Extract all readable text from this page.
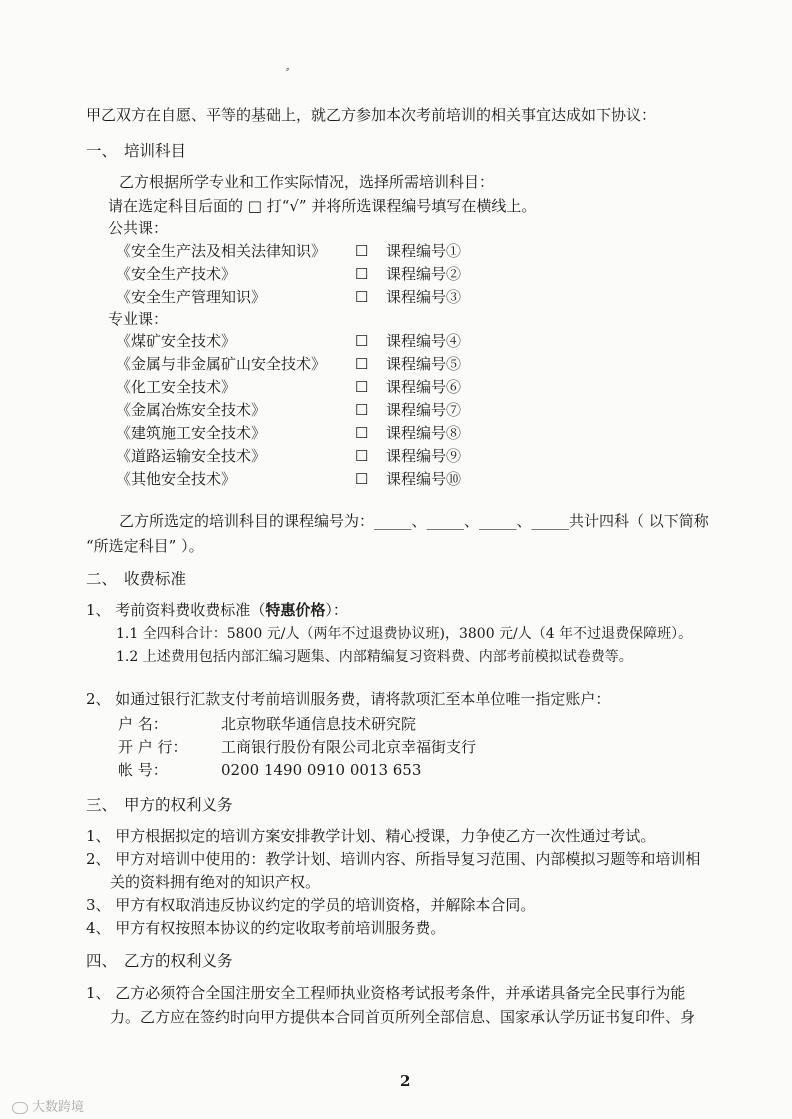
⸗
甲乙双方在自愿、平等的基础上，就乙方参加本次考前培训的相关事宜达成如下协议：
一、 培训科目
乙方根据所学专业和工作实际情况，选择所需培训科目：
请在选定科目后面的 □ 打“√” 并将所选课程编号填写在横线上。
公共课：
《安全生产法及相关法律知识》 ☐ 课程编号①
《安全生产技术》	☐ 课程编号②
《安全生产管理知识》	☐ 课程编号③
专业课：
《煤矿安全技术》	☐ 课程编号④
《金属与非金属矿山安全技术》 ☐ 课程编号⑤
《化工安全技术》	☐ 课程编号⑥
《金属冶炼安全技术》	☐ 课程编号⑦
《建筑施工安全技术》	☐ 课程编号⑧
《道路运输安全技术》	☐ 课程编号⑨
《其他安全技术》	☐ 课程编号⑩
乙方所选定的培训科目的课程编号为：_____、_____、_____、_____共计四科（ 以下简称
“所选定科目” ）。
二、 收费标准
1、 考前资料费收费标准（特惠价格）：
1.1 全四科合计：5800 元/人（两年不过退费协议班)，3800 元/人（4 年不过退费保障班）。
1.2 上述费用包括内部汇编习题集、内部精编复习资料费、内部考前模拟试卷费等。
2、 如通过银行汇款支付考前培训服务费，请将款项汇至本单位唯一指定账户：
户 名：	北京物联华通信息技术研究院
开 户 行： 工商银行股份有限公司北京幸福街支行
帐 号：	0200 1490 0910 0013 653
三、 甲方的权利义务
1、 甲方根据拟定的培训方案安排教学计划、精心授课，力争使乙方一次性通过考试。
2、 甲方对培训中使用的：教学计划、培训内容、所指导复习范围、内部模拟习题等和培训相
关的资料拥有绝对的知识产权。
3、 甲方有权取消违反协议约定的学员的培训资格，并解除本合同。
4、 甲方有权按照本协议的约定收取考前培训服务费。
四、 乙方的权利义务
1、 乙方必须符合全国注册安全工程师执业资格考试报考条件，并承诺具备完全民事行为能
力。乙方应在签约时向甲方提供本合同首页所列全部信息、国家承认学历证书复印件、身
2
大数跨境
